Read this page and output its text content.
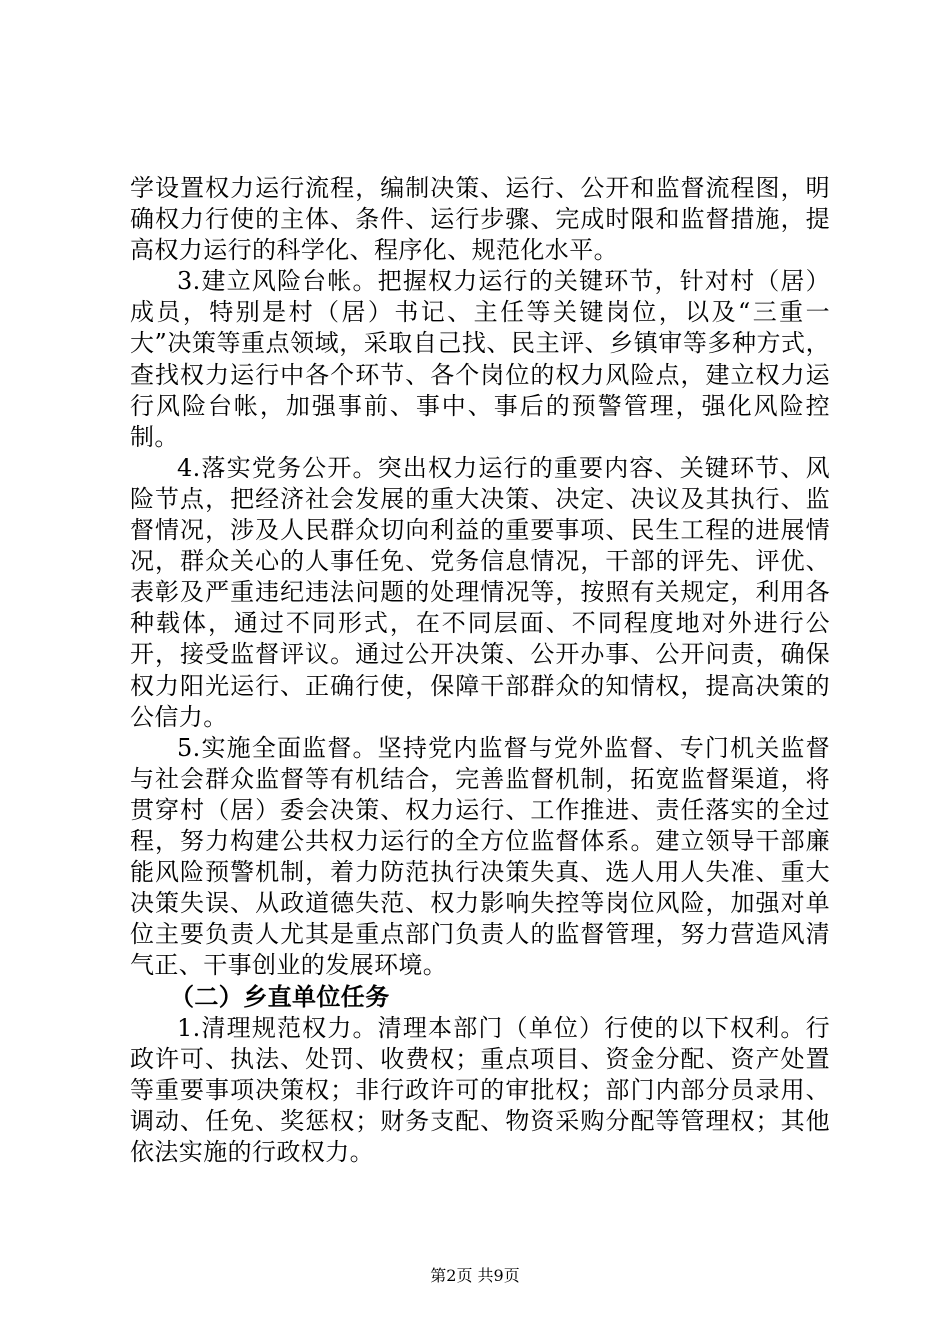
学设置权力运行流程，编制决策、运行、公开和监督流程图，明确权力行使的主体、条件、运行步骤、完成时限和监督措施，提高权力运行的科学化、程序化、规范化水平。

3.建立风险台帐。把握权力运行的关键环节，针对村（居）成员，特别是村（居）书记、主任等关键岗位，以及“三重一大”决策等重点领域，采取自己找、民主评、乡镇审等多种方式，查找权力运行中各个环节、各个岗位的权力风险点，建立权力运行风险台帐，加强事前、事中、事后的预警管理，强化风险控制。

4.落实党务公开。突出权力运行的重要内容、关键环节、风险节点，把经济社会发展的重大决策、决定、决议及其执行、监督情况，涉及人民群众切向利益的重要事项、民生工程的进展情况，群众关心的人事任免、党务信息情况，干部的评先、评优、表彰及严重违纪违法问题的处理情况等，按照有关规定，利用各种载体，通过不同形式，在不同层面、不同程度地对外进行公开，接受监督评议。通过公开决策、公开办事、公开问责，确保权力阳光运行、正确行使，保障干部群众的知情权，提高决策的公信力。

5.实施全面监督。坚持党内监督与党外监督、专门机关监督与社会群众监督等有机结合，完善监督机制，拓宽监督渠道，将贯穿村（居）委会决策、权力运行、工作推进、责任落实的全过程，努力构建公共权力运行的全方位监督体系。建立领导干部廉能风险预警机制，着力防范执行决策失真、选人用人失准、重大决策失误、从政道德失范、权力影响失控等岗位风险，加强对单位主要负责人尤其是重点部门负责人的监督管理，努力营造风清气正、干事创业的发展环境。

（二）乡直单位任务

1.清理规范权力。清理本部门（单位）行使的以下权利。行政许可、执法、处罚、收费权；重点项目、资金分配、资产处置等重要事项决策权；非行政许可的审批权；部门内部分员录用、调动、任免、奖惩权；财务支配、物资采购分配等管理权；其他依法实施的行政权力。

第2页 共9页
